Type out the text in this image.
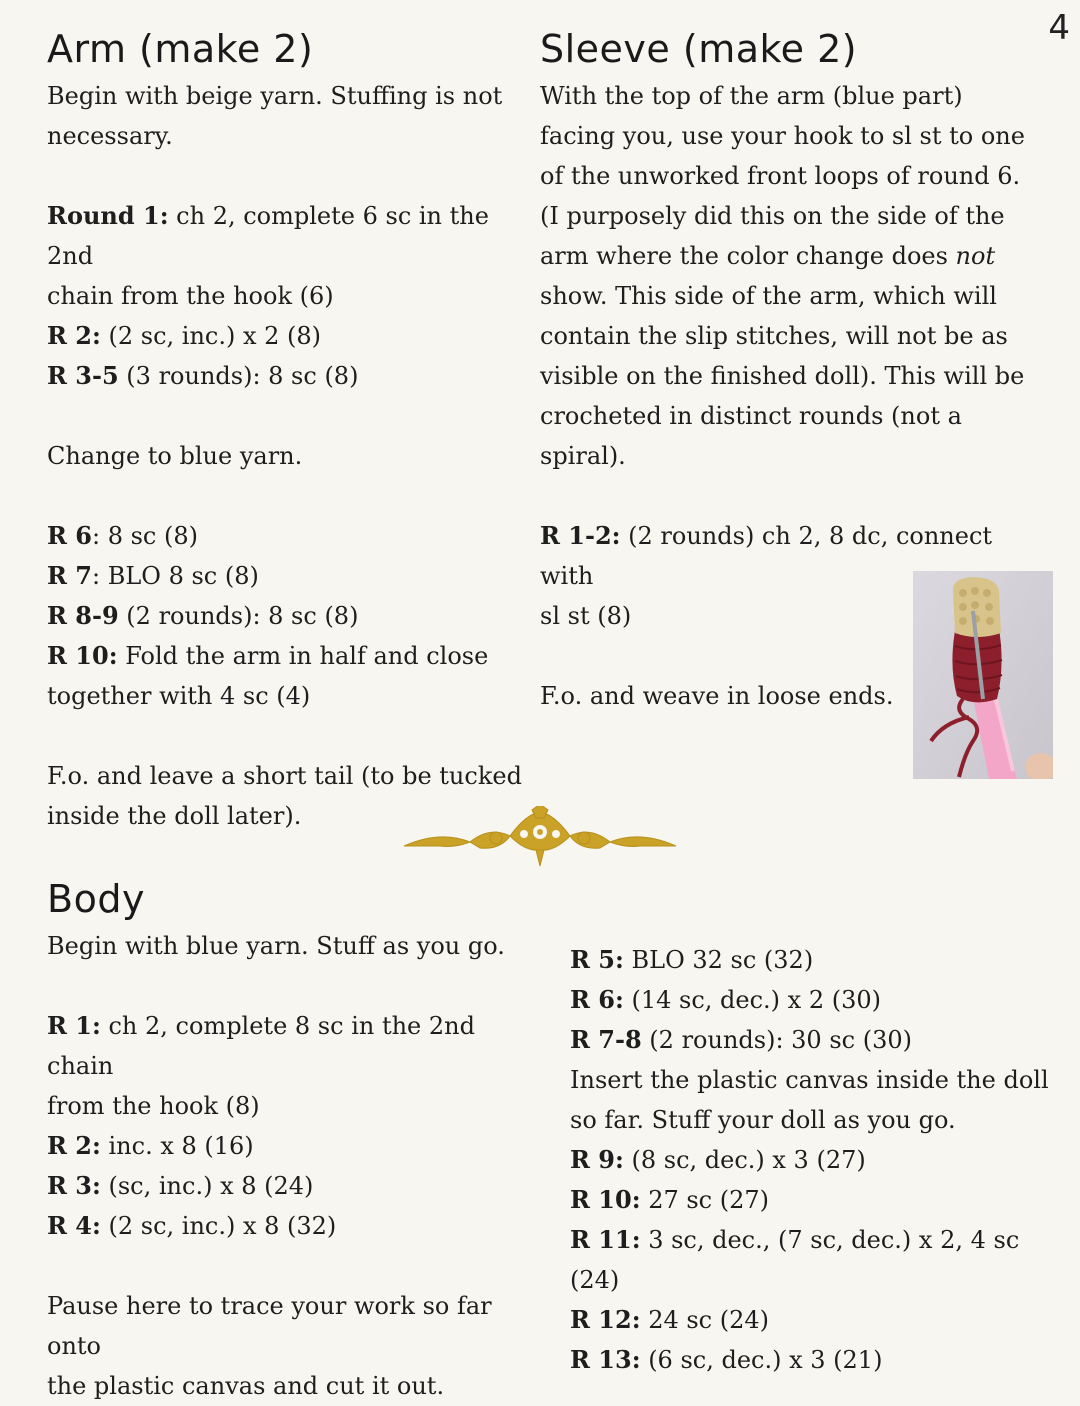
4
Arm (make 2)

Begin with beige yarn. Stuffing is not

necessary.

Round 1: ch 2, complete 6 sc in the 2nd

chain from the hook (6)

R 2: (2 sc, inc.) x 2 (8)

R 3-5 (3 rounds): 8 sc (8)

Change to blue yarn.

R 6: 8 sc (8)

R 7: BLO 8 sc (8)

R 8-9 (2 rounds): 8 sc (8)

R 10: Fold the arm in half and close

together with 4 sc (4)

F.o. and leave a short tail (to be tucked

inside the doll later).

Sleeve (make 2)

With the top of the arm (blue part)

facing you, use your hook to sl st to one

of the unworked front loops of round 6.

(I purposely did this on the side of the

arm where the color change does not

show. This side of the arm, which will

contain the slip stitches, will not be as

visible on the finished doll). This will be

crocheted in distinct rounds (not a

spiral).

R 1-2: (2 rounds) ch 2, 8 dc, connect with

sl st (8)

F.o. and weave in loose ends.

Body

Begin with blue yarn. Stuff as you go.

R 1: ch 2, complete 8 sc in the 2nd chain

from the hook (8)

R 2: inc. x 8 (16)

R 3: (sc, inc.) x 8 (24)

R 4: (2 sc, inc.) x 8 (32)

Pause here to trace your work so far onto

the plastic canvas and cut it out.

R 5: BLO 32 sc (32)

R 6: (14 sc, dec.) x 2 (30)

R 7-8 (2 rounds): 30 sc (30)

Insert the plastic canvas inside the doll

so far. Stuff your doll as you go.

R 9: (8 sc, dec.) x 3 (27)

R 10: 27 sc (27)

R 11: 3 sc, dec., (7 sc, dec.) x 2, 4 sc (24)

R 12: 24 sc (24)

R 13: (6 sc, dec.) x 3 (21)
